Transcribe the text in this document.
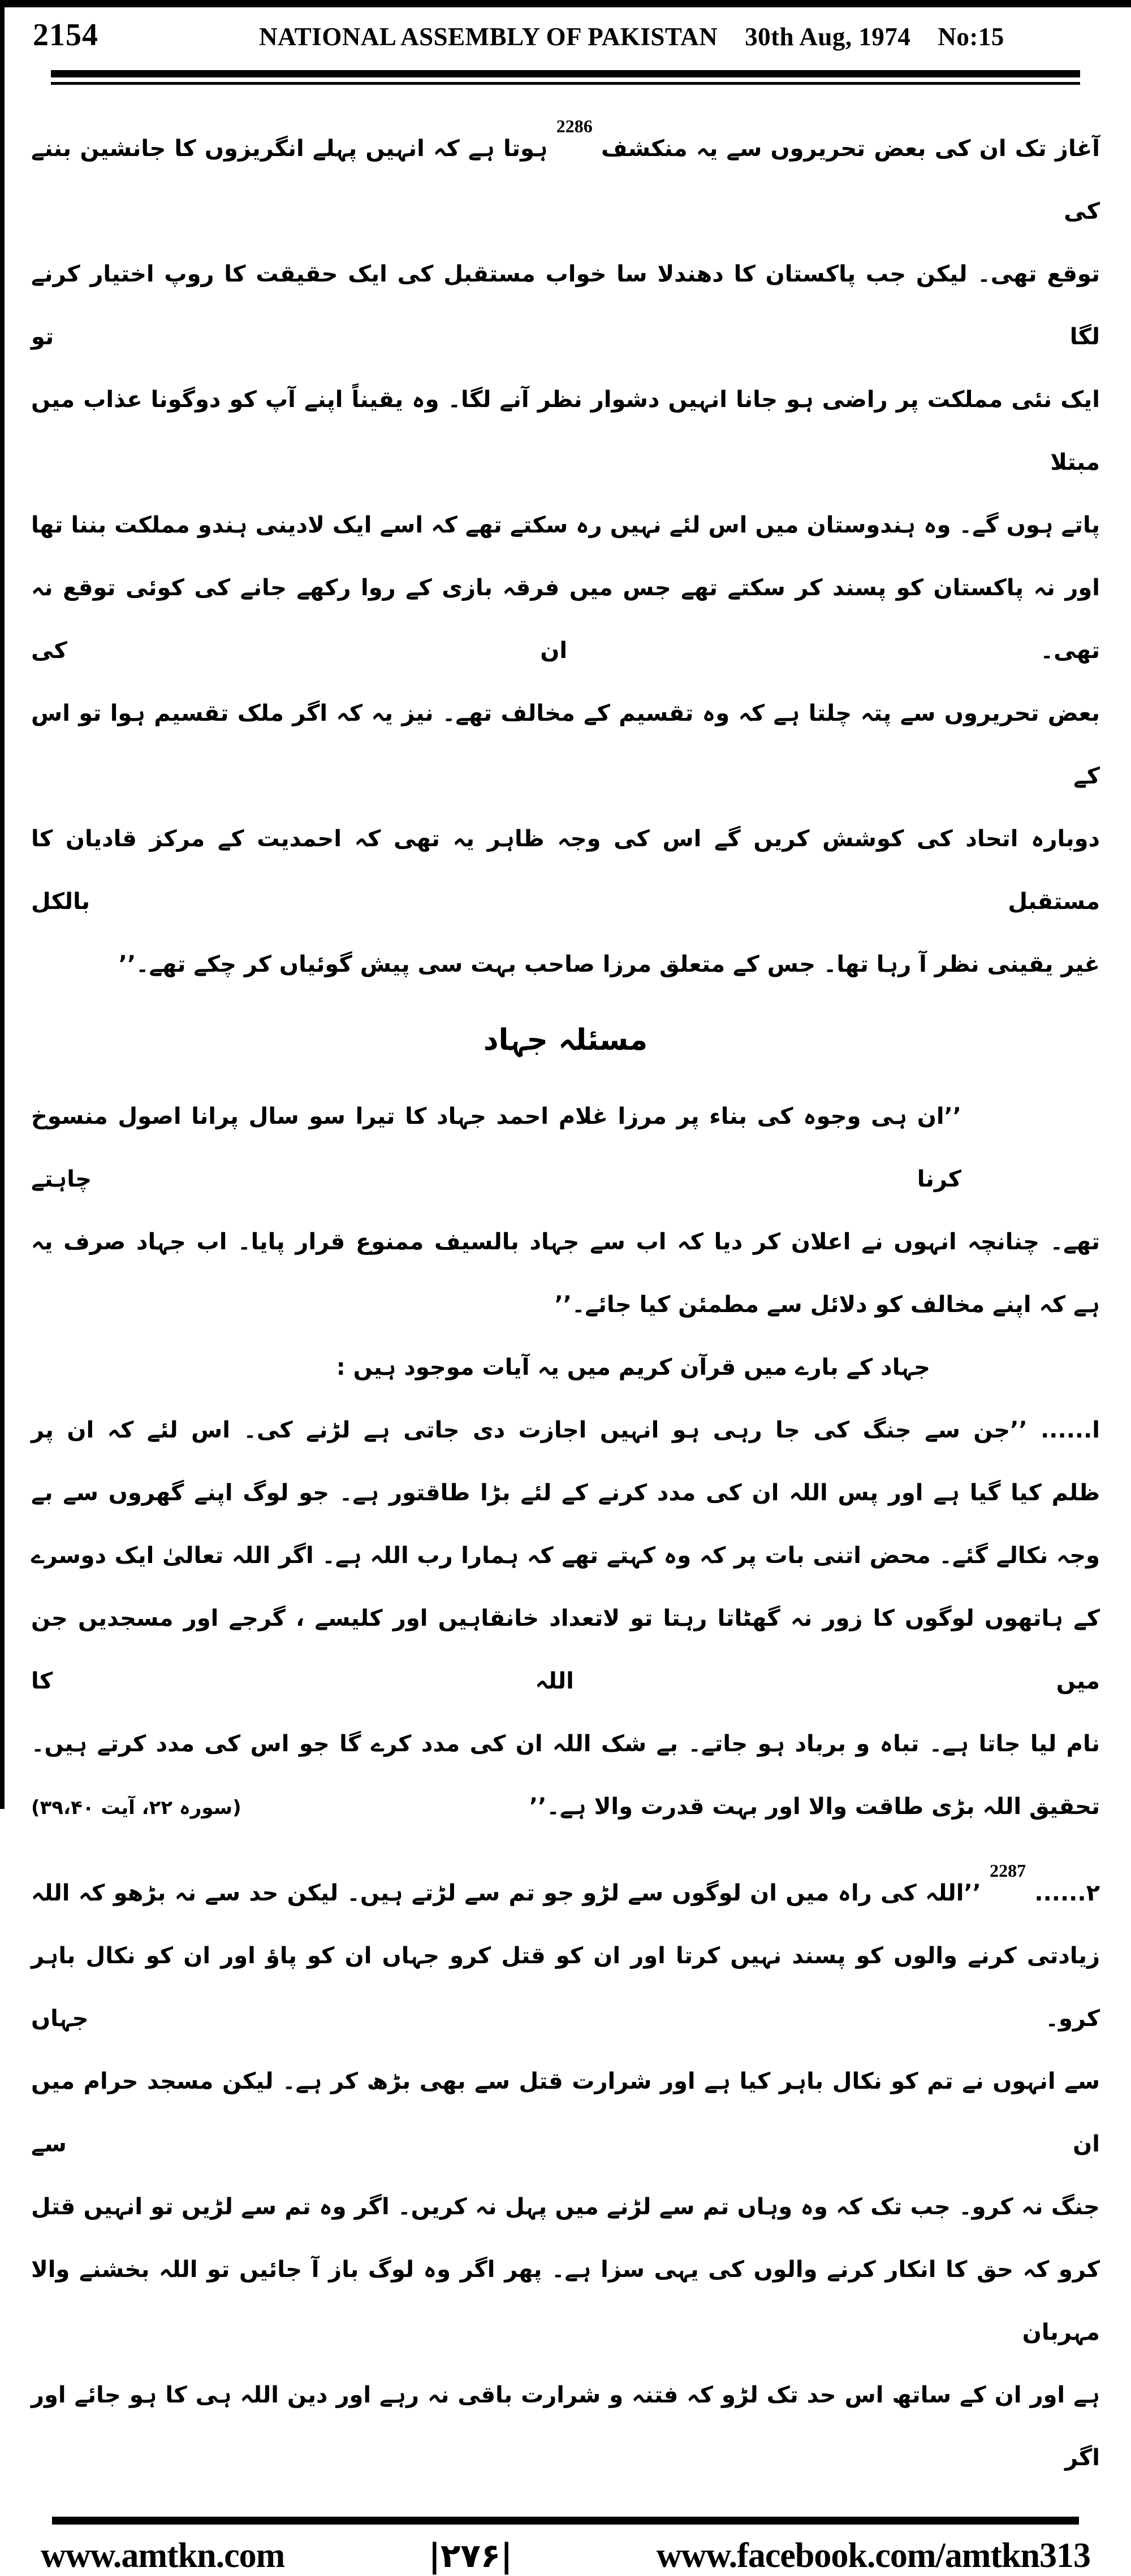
2154	NATIONAL ASSEMBLY OF PAKISTAN 30th Aug, 1974 No:15

آغاز تک ان کی بعض تحریروں سے یہ منکشف $^{2286}$ ہوتا ہے کہ انہیں پہلے انگریزوں کا جانشین بننے کی

توقع تھی۔ لیکن جب پاکستان کا دھندلا سا خواب مستقبل کی ایک حقیقت کا روپ اختیار کرنے لگا تو

ایک نئی مملکت پر راضی ہو جانا انہیں دشوار نظر آنے لگا۔ وہ یقیناً اپنے آپ کو دوگونا عذاب میں مبتلا

پاتے ہوں گے۔ وہ ہندوستان میں اس لئے نہیں رہ سکتے تھے کہ اسے ایک لادینی ہندو مملکت بننا تھا

اور نہ پاکستان کو پسند کر سکتے تھے جس میں فرقہ بازی کے روا رکھے جانے کی کوئی توقع نہ تھی۔ ان کی

بعض تحریروں سے پتہ چلتا ہے کہ وہ تقسیم کے مخالف تھے۔ نیز یہ کہ اگر ملک تقسیم ہوا تو اس کے

دوبارہ اتحاد کی کوشش کریں گے اس کی وجہ ظاہر یہ تھی کہ احمدیت کے مرکز قادیان کا مستقبل بالکل

غیر یقینی نظر آ رہا تھا۔ جس کے متعلق مرزا صاحب بہت سی پیش گوئیاں کر چکے تھے۔’’

مسئلہ جہاد

’’ان ہی وجوہ کی بناء پر مرزا غلام احمد جہاد کا تیرا سو سال پرانا اصول منسوخ کرنا چاہتے

تھے۔ چنانچہ انہوں نے اعلان کر دیا کہ اب سے جہاد بالسیف ممنوع قرار پایا۔ اب جہاد صرف یہ

ہے کہ اپنے مخالف کو دلائل سے مطمئن کیا جائے۔’’

جہاد کے بارے میں قرآن کریم میں یہ آیات موجود ہیں :

ا...... ’’جن سے جنگ کی جا رہی ہو انہیں اجازت دی جاتی ہے لڑنے کی۔ اس لئے کہ ان پر

ظلم کیا گیا ہے اور پس اللہ ان کی مدد کرنے کے لئے بڑا طاقتور ہے۔ جو لوگ اپنے گھروں سے بے

وجہ نکالے گئے۔ محض اتنی بات پر کہ وہ کہتے تھے کہ ہمارا رب اللہ ہے۔ اگر اللہ تعالیٰ ایک دوسرے

کے ہاتھوں لوگوں کا زور نہ گھٹاتا رہتا تو لاتعداد خانقاہیں اور کلیسے ، گرجے اور مسجدیں جن میں اللہ کا

نام لیا جاتا ہے۔ تباہ و برباد ہو جاتے۔ بے شک اللہ ان کی مدد کرے گا جو اس کی مدد کرتے ہیں۔

تحقیق اللہ بڑی طاقت والا اور بہت قدرت والا ہے۔’’
(سورہ ۲۲، آیت ۳۹،۴۰)

۲...... $^{2287}$ ’’اللہ کی راہ میں ان لوگوں سے لڑو جو تم سے لڑتے ہیں۔ لیکن حد سے نہ بڑھو کہ اللہ

زیادتی کرنے والوں کو پسند نہیں کرتا اور ان کو قتل کرو جہاں ان کو پاؤ اور ان کو نکال باہر کرو۔ جہاں

سے انہوں نے تم کو نکال باہر کیا ہے اور شرارت قتل سے بھی بڑھ کر ہے۔ لیکن مسجد حرام میں ان سے

جنگ نہ کرو۔ جب تک کہ وہ وہاں تم سے لڑنے میں پہل نہ کریں۔ اگر وہ تم سے لڑیں تو انہیں قتل

کرو کہ حق کا انکار کرنے والوں کی یہی سزا ہے۔ پھر اگر وہ لوگ باز آ جائیں تو اللہ بخشنے والا مہربان

ہے اور ان کے ساتھ اس حد تک لڑو کہ فتنہ و شرارت باقی نہ رہے اور دین اللہ ہی کا ہو جائے اور اگر

www.amtkn.com	|۲۷۶|	www.facebook.com/amtkn313
